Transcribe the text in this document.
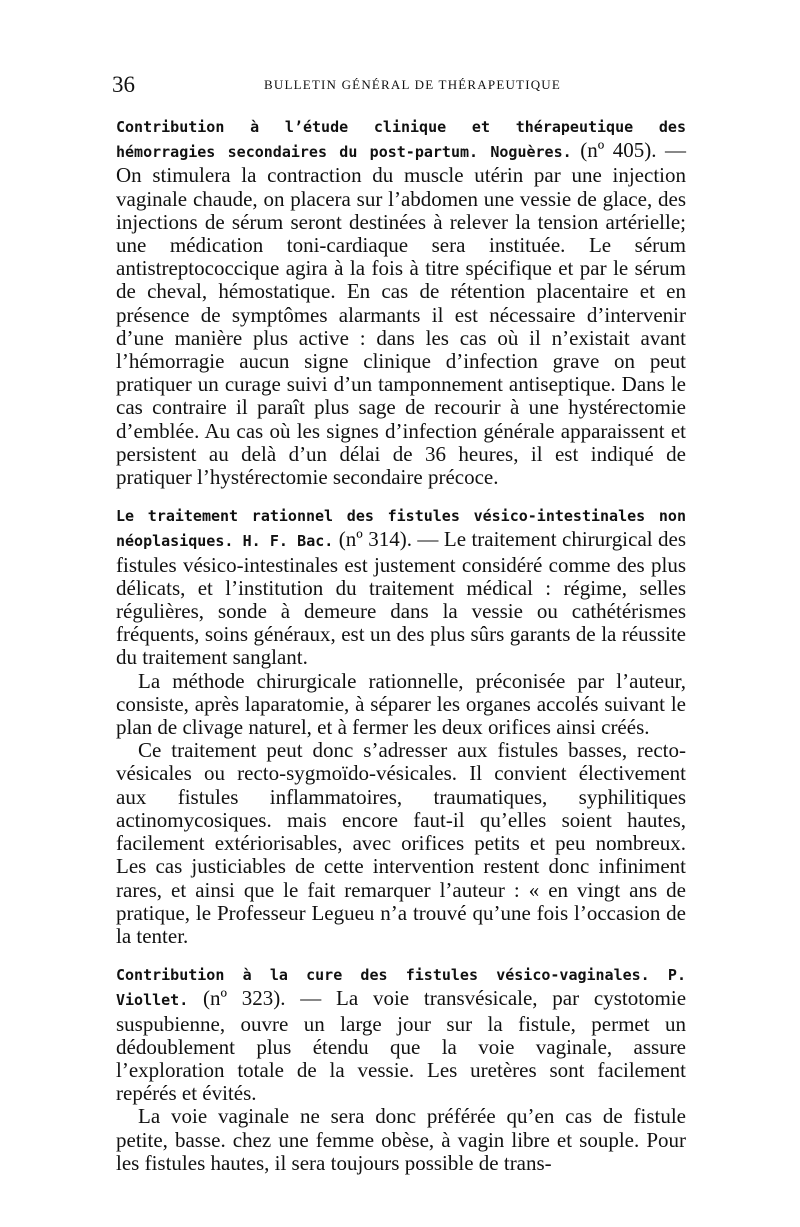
36	BULLETIN GÉNÉRAL DE THÉRAPEUTIQUE

Contribution à l’étude clinique et thérapeutique des hémorragies secondaires du post-partum. Noguères. (nº 405). — On stimulera la contraction du muscle utérin par une injection vaginale chaude, on placera sur l’abdomen une vessie de glace, des injections de sérum seront destinées à relever la tension artérielle; une médication toni-cardiaque sera instituée. Le sérum antistreptococcique agira à la fois à titre spécifique et par le sérum de cheval, hémostatique. En cas de rétention placentaire et en présence de symptômes alarmants il est nécessaire d’intervenir d’une manière plus active : dans les cas où il n’existait avant l’hémorragie aucun signe clinique d’infection grave on peut pratiquer un curage suivi d’un tamponnement antiseptique. Dans le cas contraire il paraît plus sage de recourir à une hystérectomie d’emblée. Au cas où les signes d’infection générale apparaissent et persistent au delà d’un délai de 36 heures, il est indiqué de pratiquer l’hystérectomie secondaire précoce.

Le traitement rationnel des fistules vésico-intestinales non néoplasiques. H. F. Bac. (nº 314). — Le traitement chirurgical des fistules vésico-intestinales est justement considéré comme des plus délicats, et l’institution du traitement médical : régime, selles régulières, sonde à demeure dans la vessie ou cathétérismes fréquents, soins généraux, est un des plus sûrs garants de la réussite du traitement sanglant.

La méthode chirurgicale rationnelle, préconisée par l’auteur, consiste, après laparatomie, à séparer les organes accolés suivant le plan de clivage naturel, et à fermer les deux orifices ainsi créés.

Ce traitement peut donc s’adresser aux fistules basses, recto-vésicales ou recto-sygmoïdo-vésicales. Il convient électivement aux fistules inflammatoires, traumatiques, syphilitiques actinomycosiques. mais encore faut-il qu’elles soient hautes, facilement extériorisables, avec orifices petits et peu nombreux. Les cas justiciables de cette intervention restent donc infiniment rares, et ainsi que le fait remarquer l’auteur : « en vingt ans de pratique, le Professeur Legueu n’a trouvé qu’une fois l’occasion de la tenter.

Contribution à la cure des fistules vésico-vaginales. P. Viollet. (nº 323). — La voie transvésicale, par cystotomie suspubienne, ouvre un large jour sur la fistule, permet un dédoublement plus étendu que la voie vaginale, assure l’exploration totale de la vessie. Les uretères sont facilement repérés et évités.

La voie vaginale ne sera donc préférée qu’en cas de fistule petite, basse. chez une femme obèse, à vagin libre et souple. Pour les fistules hautes, il sera toujours possible de trans-
